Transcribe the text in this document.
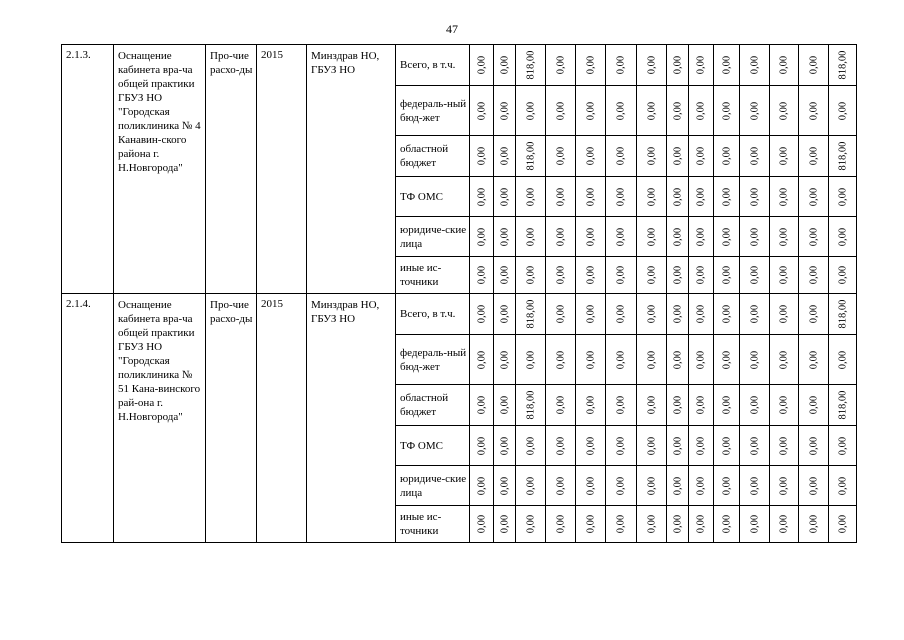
47
2.1.3.	Оснащение кабинета вра-ча общей практики ГБУЗ НО "Городская поликлиника № 4 Канавин-ского района г. Н.Новгорода"	Про-чие расхо-ды	2015	Минздрав НО, ГБУЗ НО	Всего, в т.ч.	0,00	0,00	818,00	0,00	0,00	0,00	0,00	0,00	0,00	0,00	0,00	0,00	0,00	818,00

					федераль-ный бюд-жет	0,00	0,00	0,00	0,00	0,00	0,00	0,00	0,00	0,00	0,00	0,00	0,00	0,00	0,00

					областной бюджет	0,00	0,00	818,00	0,00	0,00	0,00	0,00	0,00	0,00	0,00	0,00	0,00	0,00	818,00

					ТФ ОМС	0,00	0,00	0,00	0,00	0,00	0,00	0,00	0,00	0,00	0,00	0,00	0,00	0,00	0,00

					юридиче-ские лица	0,00	0,00	0,00	0,00	0,00	0,00	0,00	0,00	0,00	0,00	0,00	0,00	0,00	0,00

					иные ис-точники	0,00	0,00	0,00	0,00	0,00	0,00	0,00	0,00	0,00	0,00	0,00	0,00	0,00	0,00

2.1.4.	Оснащение кабинета вра-ча общей практики ГБУЗ НО "Городская поликлиника № 51 Кана-винского рай-она г. Н.Новгорода"	Про-чие расхо-ды	2015	Минздрав НО, ГБУЗ НО	Всего, в т.ч.	0,00	0,00	818,00	0,00	0,00	0,00	0,00	0,00	0,00	0,00	0,00	0,00	0,00	818,00

					федераль-ный бюд-жет	0,00	0,00	0,00	0,00	0,00	0,00	0,00	0,00	0,00	0,00	0,00	0,00	0,00	0,00

					областной бюджет	0,00	0,00	818,00	0,00	0,00	0,00	0,00	0,00	0,00	0,00	0,00	0,00	0,00	818,00

					ТФ ОМС	0,00	0,00	0,00	0,00	0,00	0,00	0,00	0,00	0,00	0,00	0,00	0,00	0,00	0,00

					юридиче-ские лица	0,00	0,00	0,00	0,00	0,00	0,00	0,00	0,00	0,00	0,00	0,00	0,00	0,00	0,00

					иные ис-точники	0,00	0,00	0,00	0,00	0,00	0,00	0,00	0,00	0,00	0,00	0,00	0,00	0,00	0,00
